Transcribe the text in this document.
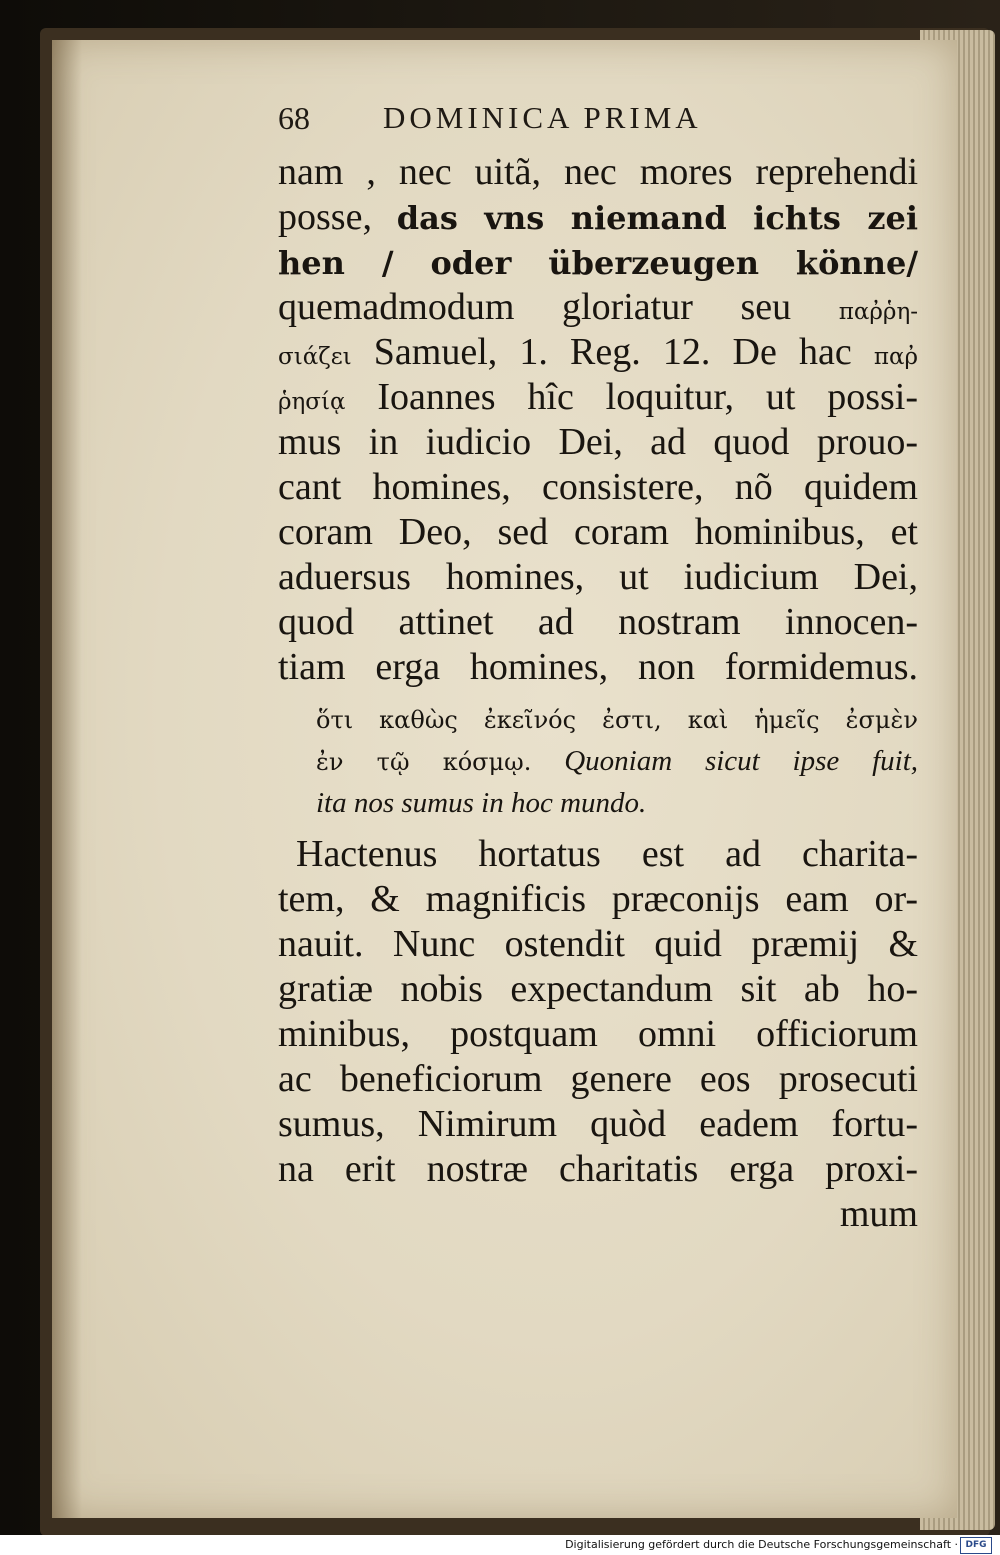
68 DOMINICA PRIMA
nam , nec uitã, nec mores reprehendi
posse, das vns niemand ichts zei
hen / oder überzeugen könne/
quemadmodum gloriatur seu παῤῥη-
σιάζει Samuel, 1. Reg. 12. De hac παῤ
ῥησίᾳ Ioannes hîc loquitur, ut possi-
mus in iudicio Dei, ad quod prouo-
cant homines, consistere, nõ quidem
coram Deo, sed coram hominibus, et
aduersus homines, ut iudicium Dei,
quod attinet ad nostram innocen-
tiam erga homines, non formidemus.
ὅτι καθὼς ἐκεῖνός ἐστι, καὶ ἡμεῖς ἐσμὲν
ἐν τῷ κόσμῳ. Quoniam sicut ipse fuit,
ita nos sumus in hoc mundo.
Hactenus hortatus est ad charita-
tem, & magnificis præconijs eam or-
nauit. Nunc ostendit quid præmij &
gratiæ nobis expectandum sit ab ho-
minibus, postquam omni officiorum
ac beneficiorum genere eos prosecuti
sumus, Nimirum quòd eadem fortu-
na erit nostræ charitatis erga proxi-
mum
Digitalisierung gefördert durch die Deutsche Forschungsgemeinschaft · DFG
